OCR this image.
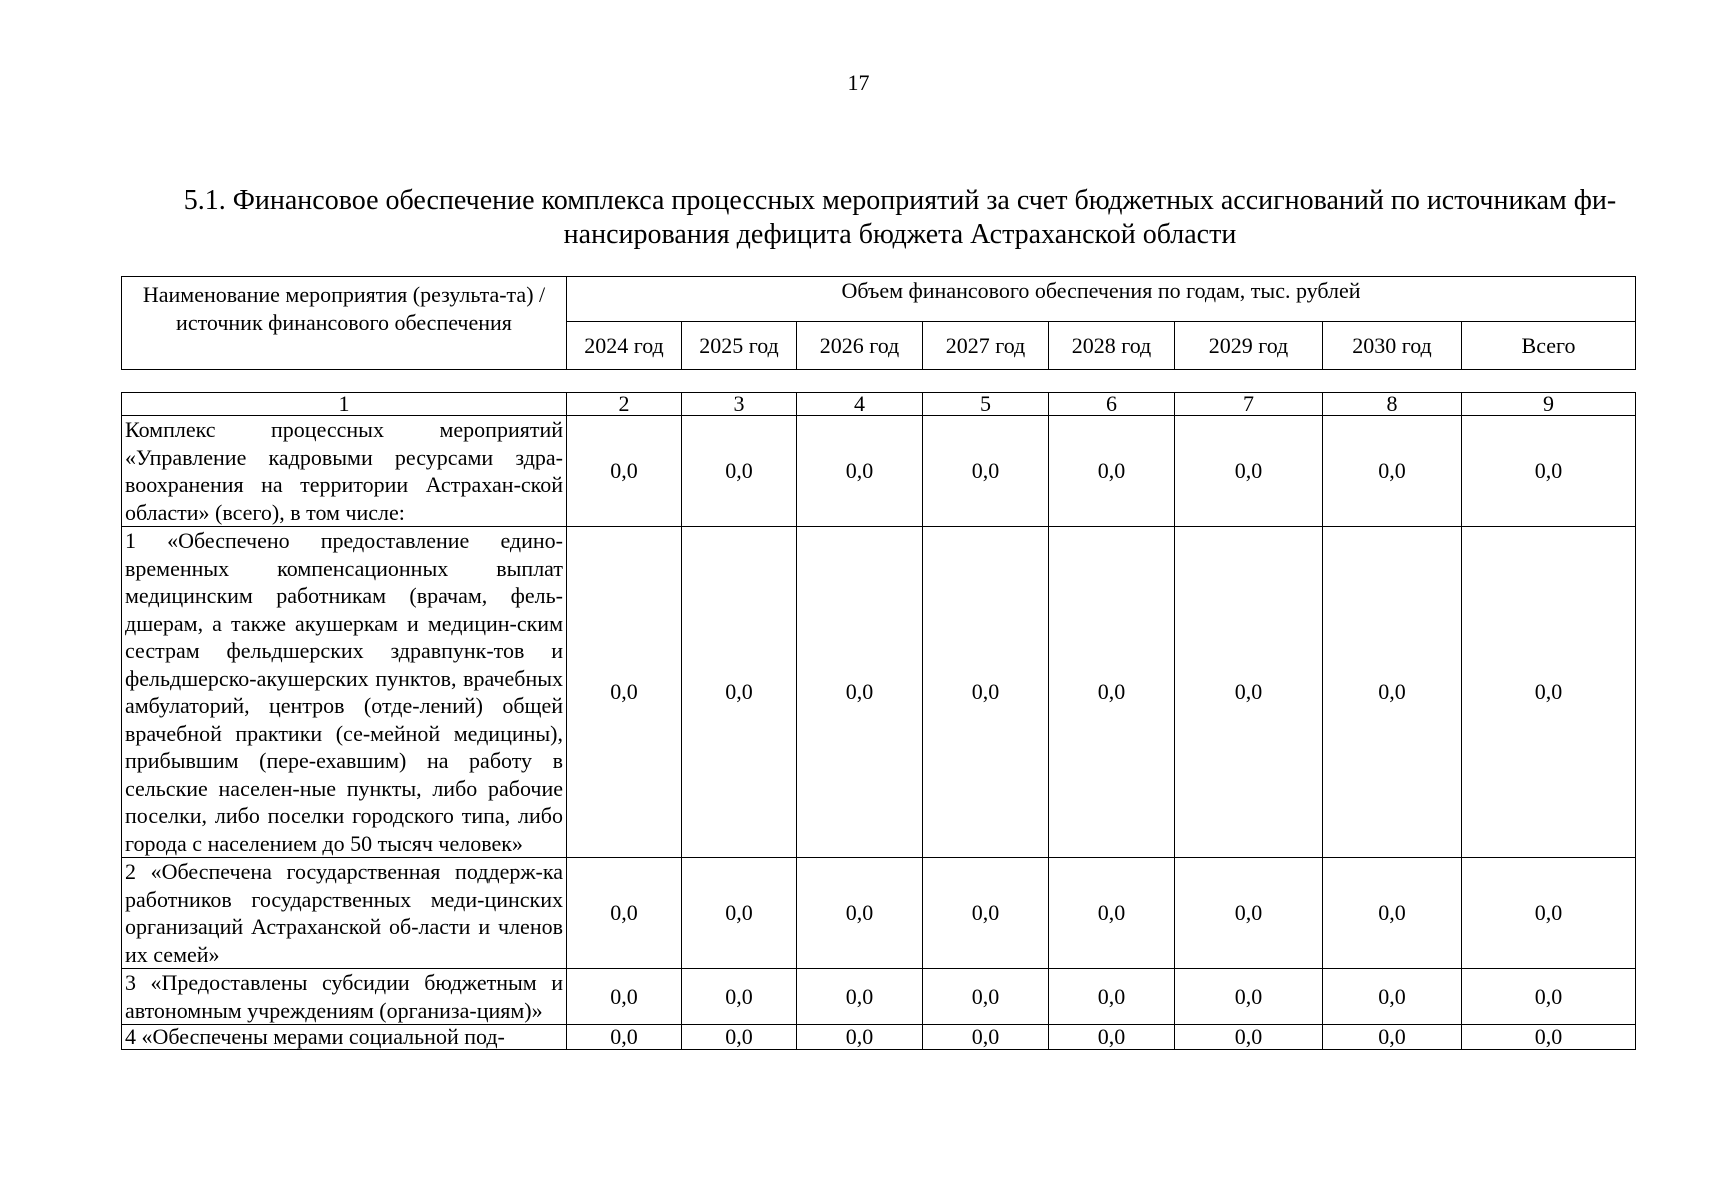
17
5.1. Финансовое обеспечение комплекса процессных мероприятий за счет бюджетных ассигнований по источникам фи-
нансирования дефицита бюджета Астраханской области
Наименование мероприятия (результа-та) / источник финансового обеспечения	Объем финансового обеспечения по годам, тыс. рублей							
	2024 год	2025 год	2026 год	2027 год	2028 год	2029 год	2030 год	Всего
1	2	3	4	5	6	7	8	9
Комплекс процессных мероприятий «Управление кадровыми ресурсами здра-воохранения на территории Астрахан-ской области» (всего), в том числе:	0,0	0,0	0,0	0,0	0,0	0,0	0,0	0,0
1 «Обеспечено предоставление едино-временных компенсационных выплат медицинским работникам (врачам, фель-дшерам, а также акушеркам и медицин-ским сестрам фельдшерских здравпунк-тов и фельдшерско-акушерских пунктов, врачебных амбулаторий, центров (отде-лений) общей врачебной практики (се-мейной медицины), прибывшим (пере-ехавшим) на работу в сельские населен-ные пункты, либо рабочие поселки, либо поселки городского типа, либо города с населением до 50 тысяч человек»	0,0	0,0	0,0	0,0	0,0	0,0	0,0	0,0
2 «Обеспечена государственная поддерж-ка работников государственных меди-цинских организаций Астраханской об-ласти и членов их семей»	0,0	0,0	0,0	0,0	0,0	0,0	0,0	0,0
3 «Предоставлены субсидии бюджетным и автономным учреждениям (организа-циям)»	0,0	0,0	0,0	0,0	0,0	0,0	0,0	0,0
4 «Обеспечены мерами социальной под-	0,0	0,0	0,0	0,0	0,0	0,0	0,0	0,0
